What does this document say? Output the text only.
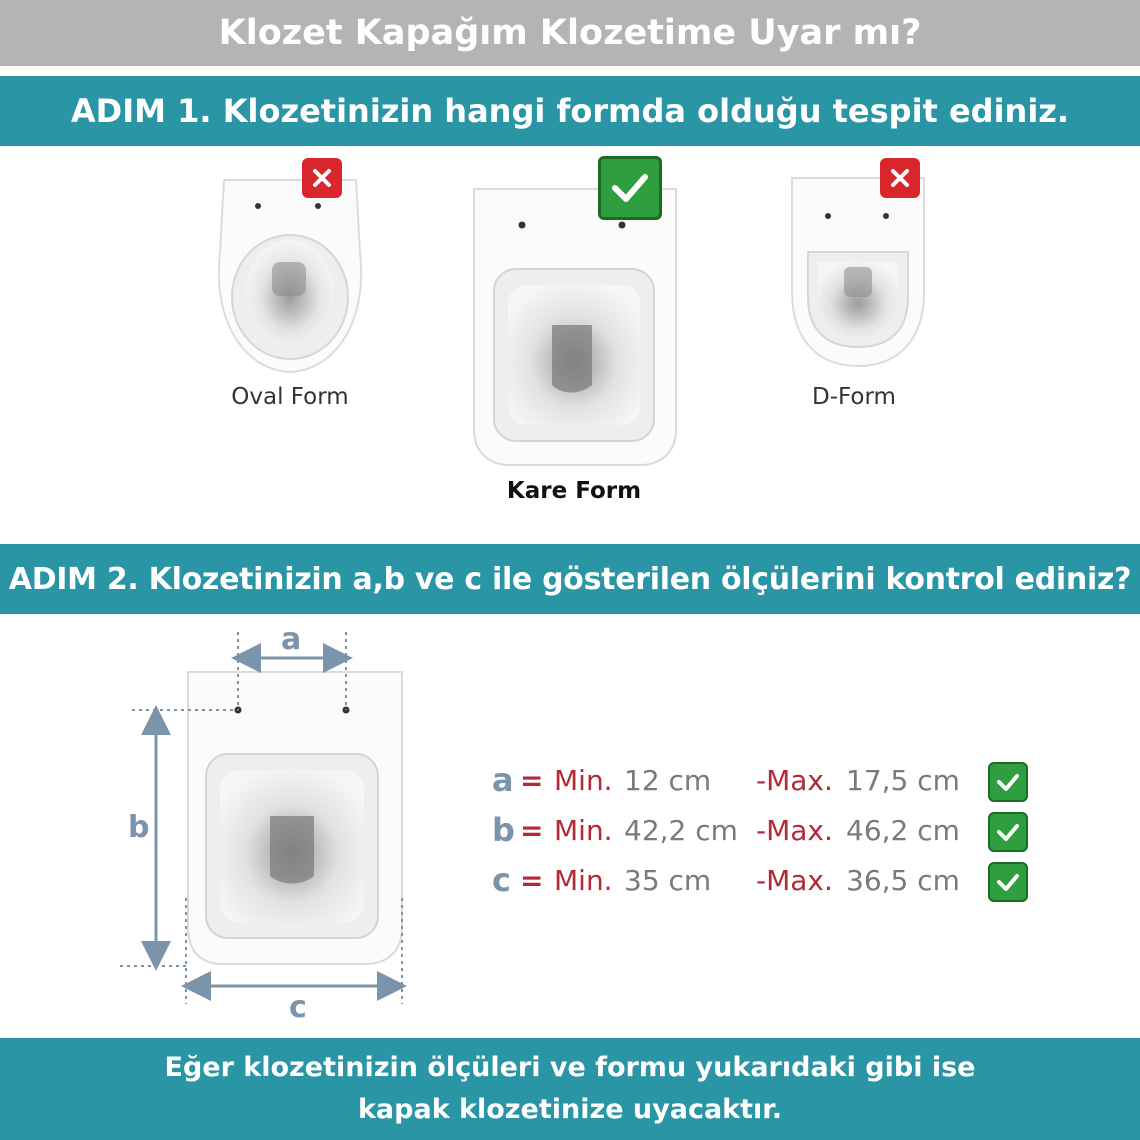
Klozet Kapağım Klozetime Uyar mı?
ADIM 1. Klozetinizin hangi formda olduğu tespit ediniz.
Oval Form
Kare Form
D-Form
ADIM 2. Klozetinizin a,b ve c ile gösterilen ölçülerini kontrol ediniz?
a
b
c
a = Min. 12 cm -Max. 17,5 cm
b = Min. 42,2 cm -Max. 46,2 cm
c = Min. 35 cm -Max. 36,5 cm
Eğer klozetinizin ölçüleri ve formu yukarıdaki gibi ise
kapak klozetinize uyacaktır.
